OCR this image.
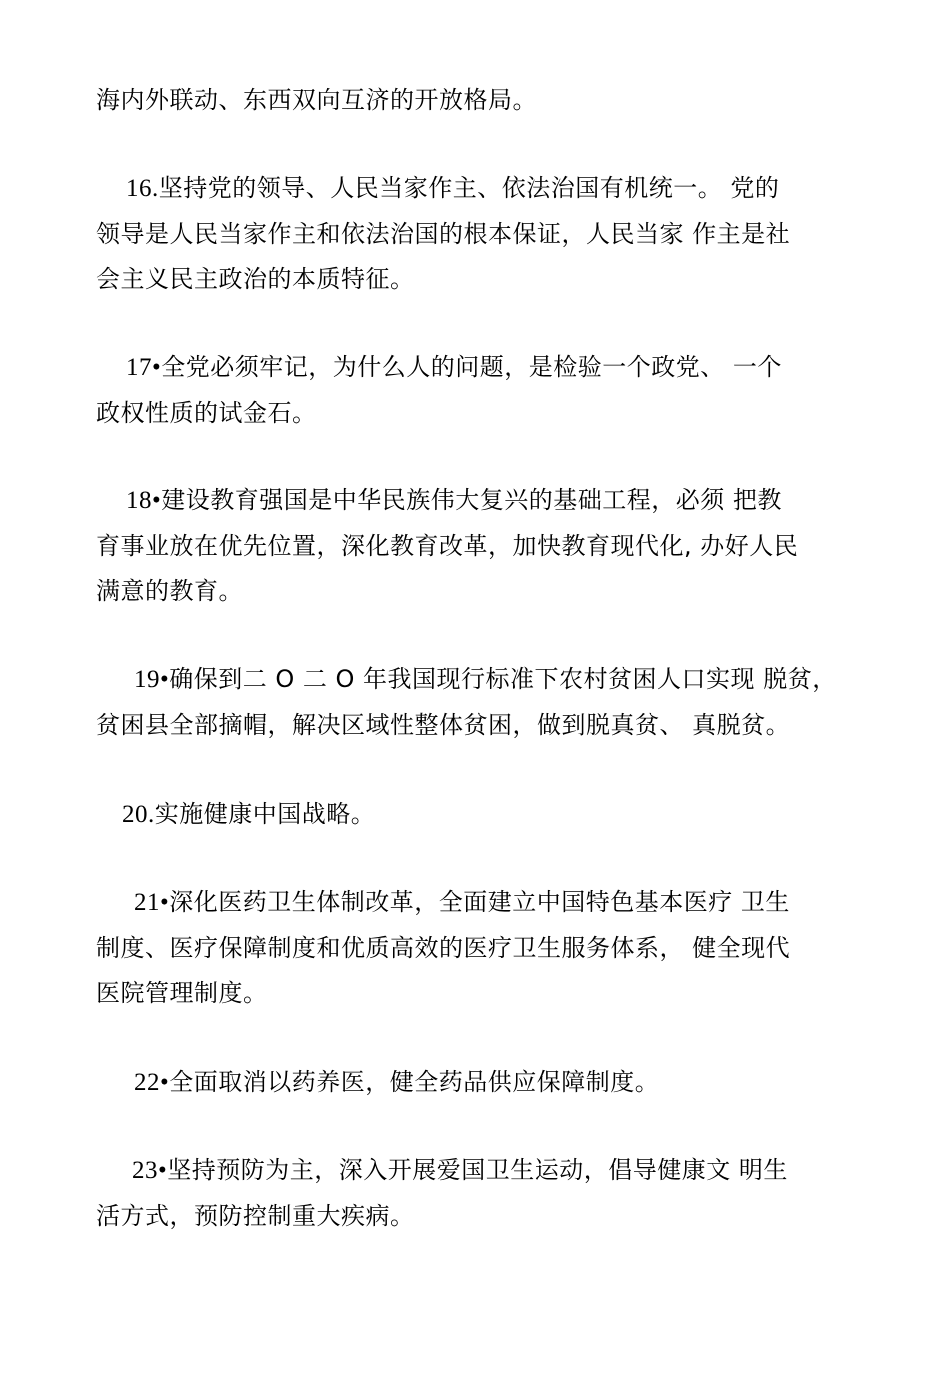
海内外联动、东西双向互济的开放格局。
16.坚持党的领导、人民当家作主、依法治国有机统一。 党的
领导是人民当家作主和依法治国的根本保证，人民当家 作主是社
会主义民主政治的本质特征。
17•全党必须牢记，为什么人的问题，是检验一个政党、 一个
政权性质的试金石。
18•建设教育强国是中华民族伟大复兴的基础工程，必须 把教
育事业放在优先位置，深化教育改革，加快教育现代化, 办好人民
满意的教育。
19•确保到二 O 二 O 年我国现行标准下农村贫困人口实现 脱贫，
贫困县全部摘帽，解决区域性整体贫困，做到脱真贫、 真脱贫。
20.实施健康中国战略。
21•深化医药卫生体制改革，全面建立中国特色基本医疗 卫生
制度、医疗保障制度和优质高效的医疗卫生服务体系， 健全现代
医院管理制度。
22•全面取消以药养医，健全药品供应保障制度。
23•坚持预防为主，深入开展爱国卫生运动，倡导健康文 明生
活方式，预防控制重大疾病。
